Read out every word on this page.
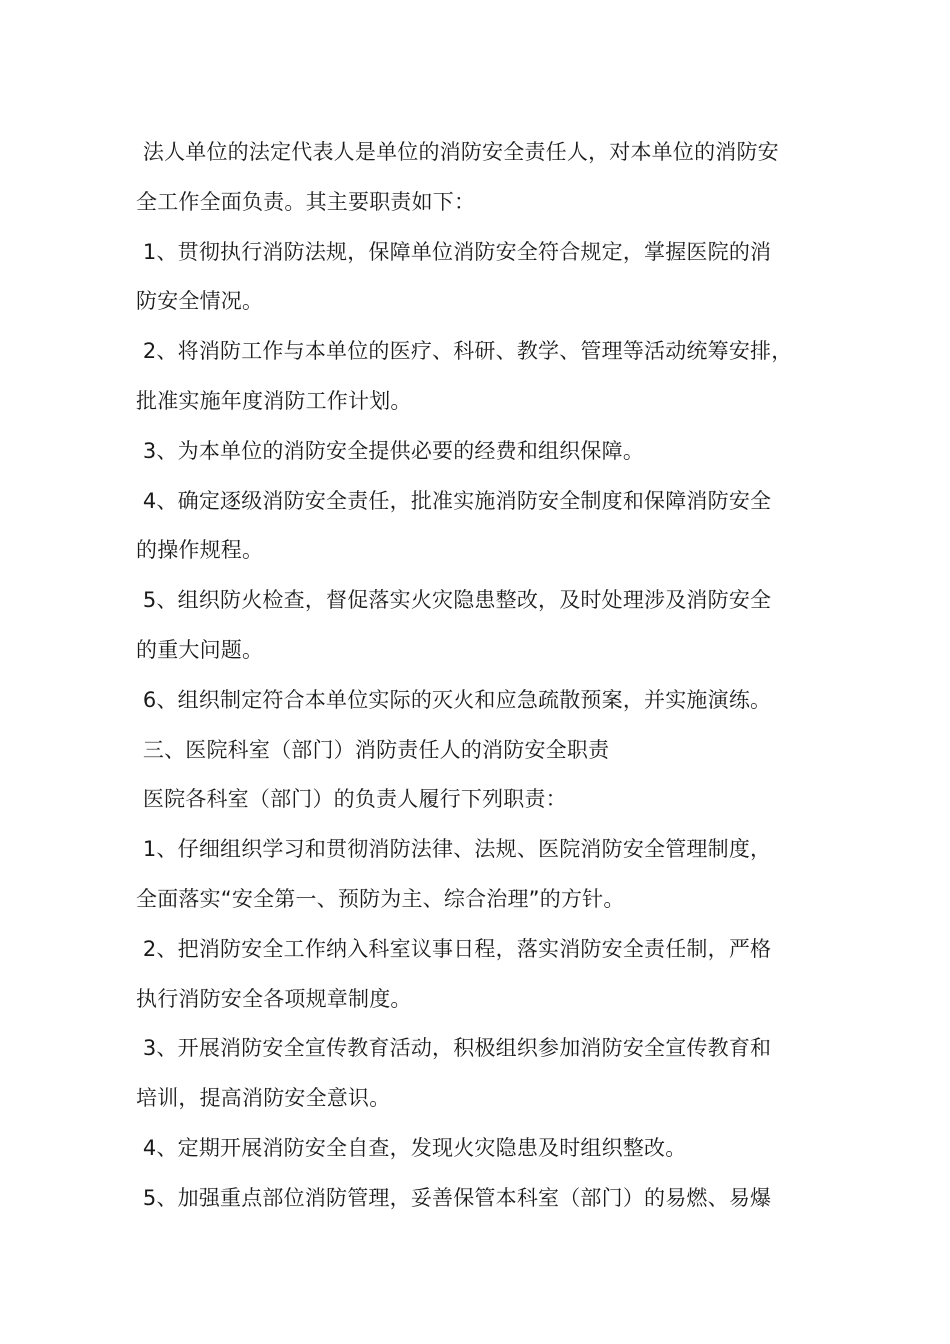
法人单位的法定代表人是单位的消防安全责任人，对本单位的消防安
全工作全面负责。其主要职责如下：
1、贯彻执行消防法规，保障单位消防安全符合规定，掌握医院的消
防安全情况。
2、将消防工作与本单位的医疗、科研、教学、管理等活动统筹安排，
批准实施年度消防工作计划。
3、为本单位的消防安全提供必要的经费和组织保障。
4、确定逐级消防安全责任，批准实施消防安全制度和保障消防安全
的操作规程。
5、组织防火检查，督促落实火灾隐患整改，及时处理涉及消防安全
的重大问题。
6、组织制定符合本单位实际的灭火和应急疏散预案，并实施演练。
三、医院科室（部门）消防责任人的消防安全职责
医院各科室（部门）的负责人履行下列职责：
1、仔细组织学习和贯彻消防法律、法规、医院消防安全管理制度，
全面落实“安全第一、预防为主、综合治理”的方针。
2、把消防安全工作纳入科室议事日程，落实消防安全责任制，严格
执行消防安全各项规章制度。
3、开展消防安全宣传教育活动，积极组织参加消防安全宣传教育和
培训，提高消防安全意识。
4、定期开展消防安全自查，发现火灾隐患及时组织整改。
5、加强重点部位消防管理，妥善保管本科室（部门）的易燃、易爆
